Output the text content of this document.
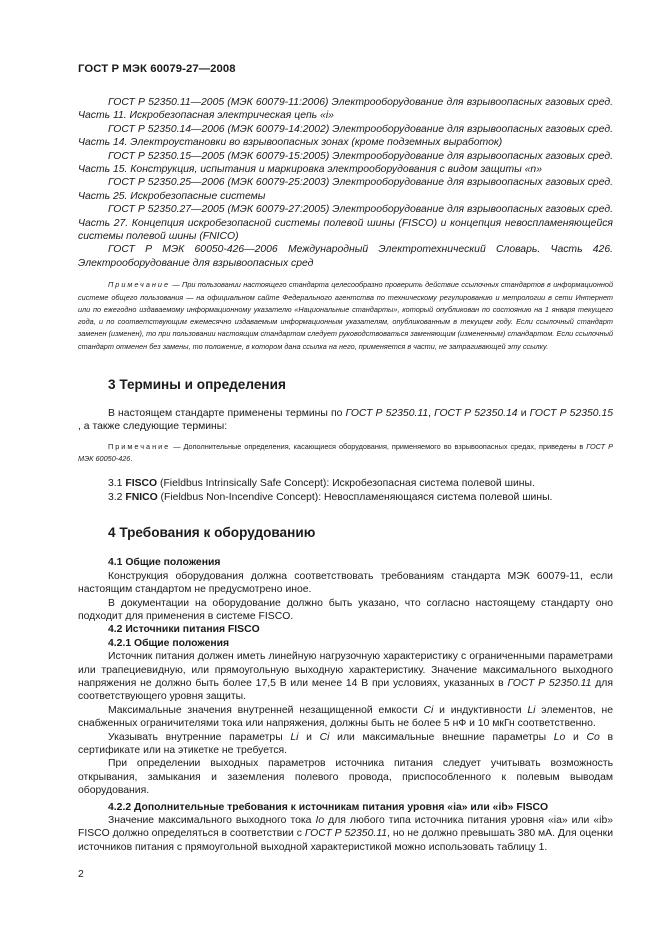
ГОСТ Р МЭК 60079-27—2008

ГОСТ Р 52350.11—2005 (МЭК 60079-11:2006) Электрооборудование для взрывоопасных газовых сред. Часть 11. Искробезопасная электрическая цепь «i»

ГОСТ Р 52350.14—2006 (МЭК 60079-14:2002) Электрооборудование для взрывоопасных газовых сред. Часть 14. Электроустановки во взрывоопасных зонах (кроме подземных выработок)

ГОСТ Р 52350.15—2005 (МЭК 60079-15:2005) Электрооборудование для взрывоопасных газовых сред. Часть 15. Конструкция, испытания и маркировка электрооборудования с видом защиты «n»

ГОСТ Р 52350.25—2006 (МЭК 60079-25:2003) Электрооборудование для взрывоопасных газовых сред. Часть 25. Искробезопасные системы

ГОСТ Р 52350.27—2005 (МЭК 60079-27:2005) Электрооборудование для взрывоопасных газовых сред. Часть 27. Концепция искробезопасной системы полевой шины (FISCO) и концепция невоспламеняющейся системы полевой шины (FNICO)

ГОСТ Р МЭК 60050-426—2006 Международный Электротехнический Словарь. Часть 426. Электрооборудование для взрывоопасных сред

Примечание — При пользовании настоящего стандарта целесообразно проверить действие ссылочных стандартов в информационной системе общего пользования — на официальном сайте Федерального агентства по техническому регулированию и метрологии в сети Интернет или по ежегодно издаваемому информационному указателю «Национальные стандарты», который опубликован по состоянию на 1 января текущего года, и по соответствующим ежемесячно издаваемым информационным указателям, опубликованным в текущем году. Если ссылочный стандарт заменен (изменен), то при пользовании настоящим стандартом следует руководствоваться заменяющим (измененным) стандартом. Если ссылочный стандарт отменен без замены, то положение, в котором дана ссылка на него, применяется в части, не затрагивающей эту ссылку.

3 Термины и определения

В настоящем стандарте применены термины по ГОСТ Р 52350.11, ГОСТ Р 52350.14 и ГОСТ Р 52350.15 , а также следующие термины:

Примечание — Дополнительные определения, касающиеся оборудования, применяемого во взрывоопасных средах, приведены в ГОСТ Р МЭК 60050-426.

3.1 FISCO (Fieldbus Intrinsically Safe Concept): Искробезопасная система полевой шины.

3.2 FNICO (Fieldbus Non-Incendive Concept): Невоспламеняющаяся система полевой шины.

4 Требования к оборудованию

4.1 Общие положения

Конструкция оборудования должна соответствовать требованиям стандарта МЭК 60079-11, если настоящим стандартом не предусмотрено иное.

В документации на оборудование должно быть указано, что согласно настоящему стандарту оно подходит для применения в системе FISCO.

4.2 Источники питания FISCO

4.2.1 Общие положения

Источник питания должен иметь линейную нагрузочную характеристику с ограниченными параметрами или трапециевидную, или прямоугольную выходную характеристику. Значение максимального выходного напряжения не должно быть более 17,5 В или менее 14 В при условиях, указанных в ГОСТ Р 52350.11 для соответствующего уровня защиты.

Максимальные значения внутренней незащищенной емкости Ci и индуктивности Li элементов, не снабженных ограничителями тока или напряжения, должны быть не более 5 нФ и 10 мкГн соответственно.

Указывать внутренние параметры Li и Ci или максимальные внешние параметры Lo и Co в сертификате или на этикетке не требуется.

При определении выходных параметров источника питания следует учитывать возможность открывания, замыкания и заземления полевого провода, приспособленного к полевым выводам оборудования.

4.2.2 Дополнительные требования к источникам питания уровня «ia» или «ib» FISCO

Значение максимального выходного тока Io для любого типа источника питания уровня «ia» или «ib» FISCO должно определяться в соответствии с ГОСТ Р 52350.11, но не должно превышать 380 мА. Для оценки источников питания с прямоугольной выходной характеристикой можно использовать таблицу 1.

2
